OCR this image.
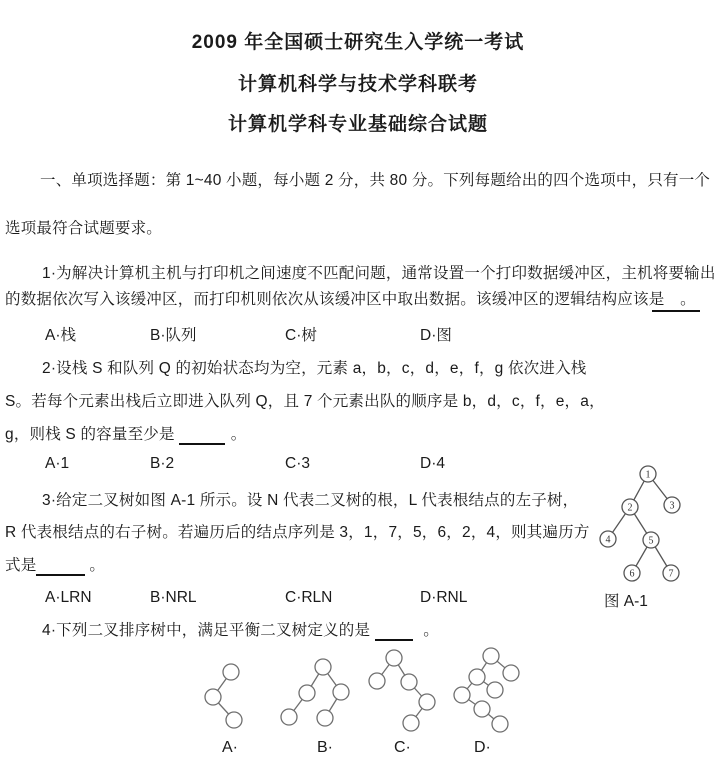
2009 年全国硕士研究生入学统一考试
计算机科学与技术学科联考
计算机学科专业基础综合试题
一、单项选择题：第 1~40 小题，每小题 2 分，共 80 分。下列每题给出的四个选项中，只有一个
选项最符合试题要求。
1·为解决计算机主机与打印机之间速度不匹配问题，通常设置一个打印数据缓冲区，主机将要输出
的数据依次写入该缓冲区，而打印机则依次从该缓冲区中取出数据。该缓冲区的逻辑结构应该是　。
A·栈	B·队列	C·树	D·图
2·设栈 S 和队列 Q 的初始状态均为空，元素 a，b，c，d，e，f，g 依次进入栈
S。若每个元素出栈后立即进入队列 Q，且 7 个元素出队的顺序是 b，d，c，f，e，a，
g，则栈 S 的容量至少是	。
A·1	B·2	C·3	D·4
3·给定二叉树如图 A-1 所示。设 N 代表二叉树的根，L 代表根结点的左子树，
R 代表根结点的右子树。若遍历后的结点序列是 3，1，7，5，6，2，4，则其遍历方
式是	。
A·LRN	B·NRL	C·RLN	D·RNL
1
2	3
4	5
6	7
图 A-1
4·下列二叉排序树中，满足平衡二叉树定义的是	。
A·	B·	C·	D·
